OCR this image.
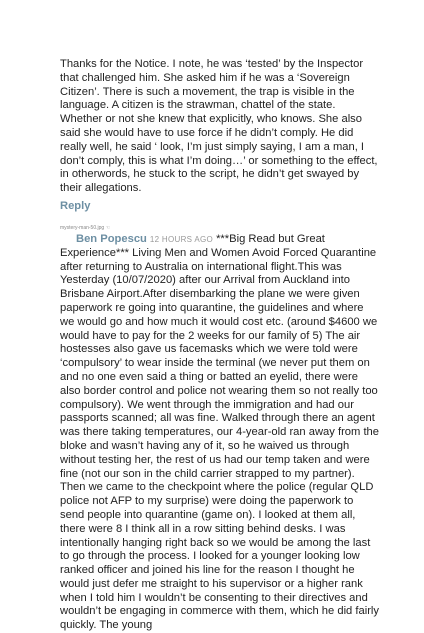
Thanks for the Notice. I note, he was ‘tested’ by the Inspector that challenged him. She asked him if he was a ‘Sovereign Citizen’. There is such a movement, the trap is visible in the language. A citizen is the strawman, chattel of the state. Whether or not she knew that explicitly, who knows. She also said she would have to use force if he didn’t comply. He did really well, he said ‘ look, I’m just simply saying, I am a man, I don’t comply, this is what I’m doing…’ or something to the effect, in otherwords, he stuck to the script, he didn’t get swayed by their allegations.

Reply
mystery-man-50.jpg ☜

Ben Popescu 12 HOURS AGO ***Big Read but Great Experience*** Living Men and Women Avoid Forced Quarantine after returning to Australia on international flight.This was Yesterday (10/07/2020) after our Arrival from Auckland into Brisbane Airport.After disembarking the plane we were given paperwork re going into quarantine, the guidelines and where we would go and how much it would cost etc. (around $4600 we would have to pay for the 2 weeks for our family of 5) The air hostesses also gave us facemasks which we were told were ‘compulsory’ to wear inside the terminal (we never put them on and no one even said a thing or batted an eyelid, there were also border control and police not wearing them so not really too compulsory). We went through the immigration and had our passports scanned; all was fine. Walked through there an agent was there taking temperatures, our 4-year-old ran away from the bloke and wasn’t having any of it, so he waived us through without testing her, the rest of us had our temp taken and were fine (not our son in the child carrier strapped to my partner). Then we came to the checkpoint where the police (regular QLD police not AFP to my surprise) were doing the paperwork to send people into quarantine (game on). I looked at them all, there were 8 I think all in a row sitting behind desks. I was intentionally hanging right back so we would be among the last to go through the process. I looked for a younger looking low ranked officer and joined his line for the reason I thought he would just defer me straight to his supervisor or a higher rank when I told him I wouldn’t be consenting to their directives and wouldn’t be engaging in commerce with them, which he did fairly quickly. The young
